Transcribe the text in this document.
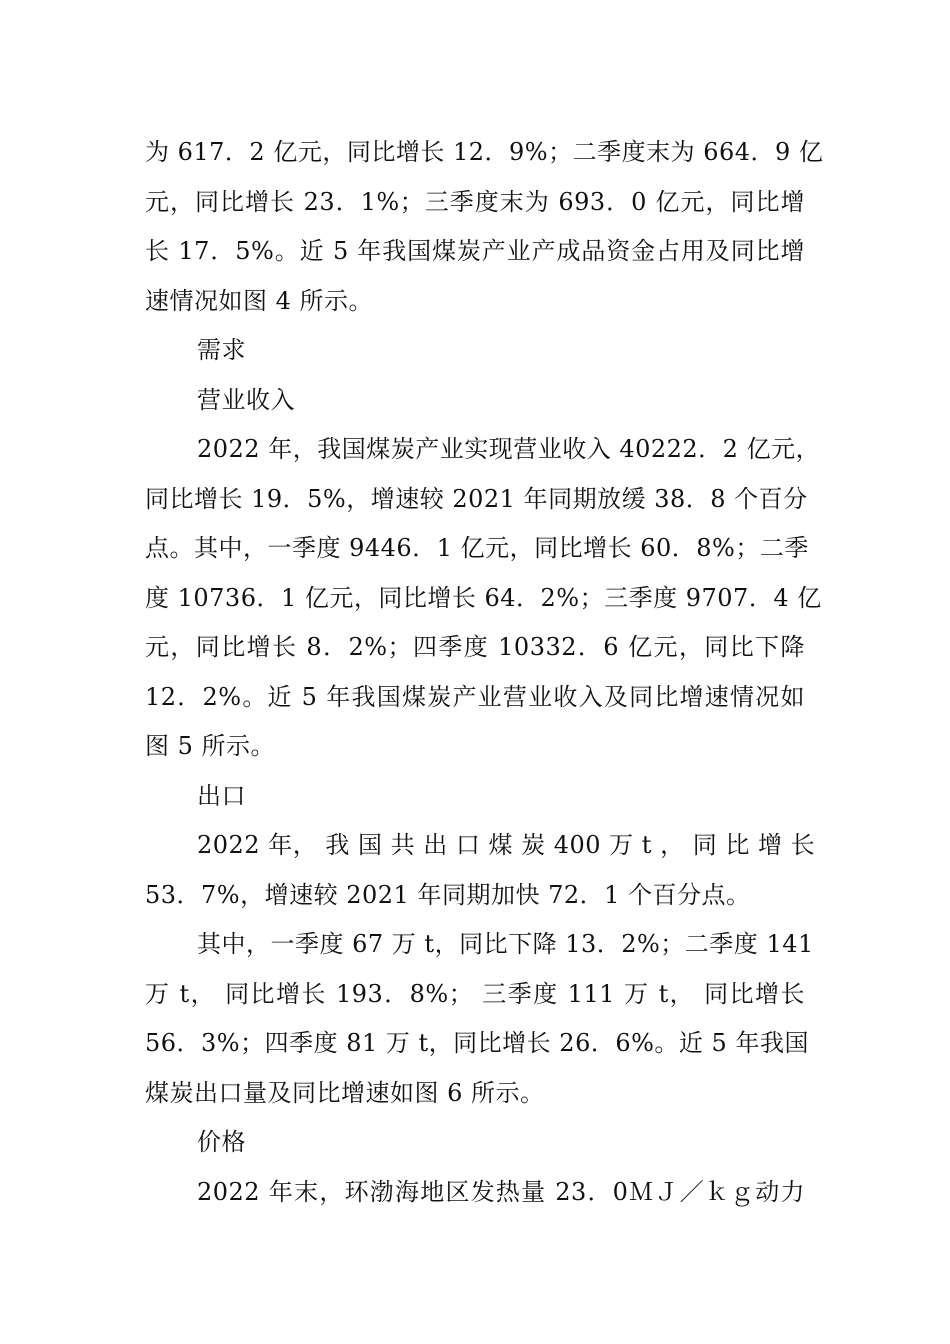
为 617．2 亿元，同比增长 12．9%；二季度末为 664．9 亿
元，同比增长 23．1%；三季度末为 693．0 亿元，同比增
长 17．5%。近 5 年我国煤炭产业产成品资金占用及同比增
速情况如图 4 所示。
需求
营业收入
2022 年，我国煤炭产业实现营业收入 40222．2 亿元，
同比增长 19．5%，增速较 2021 年同期放缓 38．8 个百分
点。其中，一季度 9446．1 亿元，同比增长 60．8%；二季
度 10736．1 亿元，同比增长 64．2%；三季度 9707．4 亿
元，同比增长 8．2%；四季度 10332．6 亿元，同比下降
12．2%。近 5 年我国煤炭产业营业收入及同比增速情况如
图 5 所示。
出口
2022 年， 我 国 共 出 口 煤 炭 400 万 t ， 同 比 增 长
53．7%，增速较 2021 年同期加快 72．1 个百分点。
其中，一季度 67 万 t，同比下降 13．2%；二季度 141
万 t， 同比增长 193．8%； 三季度 111 万 t， 同比增长
56．3%；四季度 81 万 t，同比增长 26．6%。近 5 年我国
煤炭出口量及同比增速如图 6 所示。
价格
2022 年末，环渤海地区发热量 23．0ＭＪ／ｋｇ动力
